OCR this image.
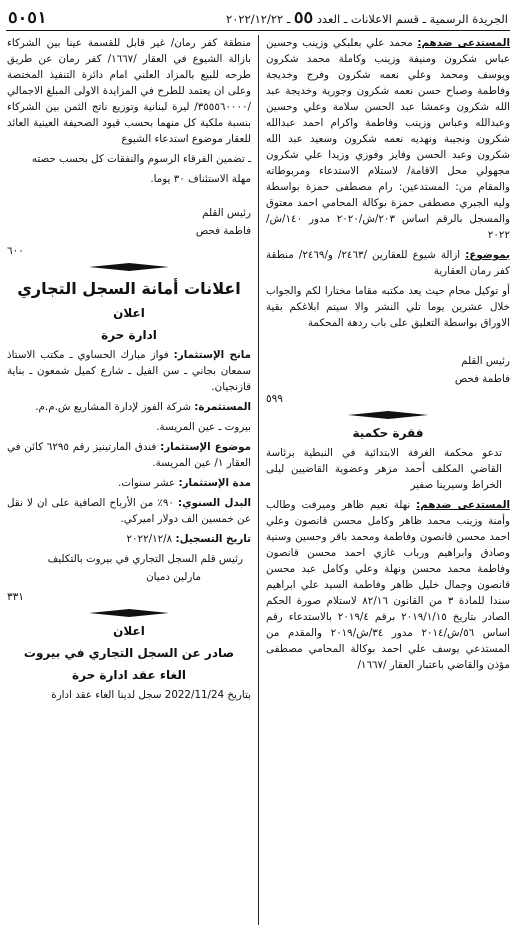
الجريدة الرسمية ـ قسم الاعلانات ـ العدد ٥٥ ـ ٢٠٢٢/١٢/٢٢
٥٠٥١

المستدعى ضدهم: محمد علي بعلبكي وزينب وحسين عباس شكرون ومنيفة وزينب وكاملة محمد شكرون ويوسف ومحمد وعلي نعمه شكرون وفرج وخديجة وفاطمة وصباح حسن نعمه شكرون وجورية وخديجة عبد الله شكرون وعمشا عبد الحسن سلامة وعلي وحسين وعبدالله وعباس وزينب وفاطمة واكرام احمد عبدالله شكرون ونجيبة ونهديه نعمه شكرون وسعيد عبد الله شكرون وعبد الحسن وفايز وفوزي وزيدا علي شكرون مجهولي محل الاقامة/ لاستلام الاستدعاء ومربوطاته والمقام من: المستدعين: رام مصطفى حمزة بواسطة وليه الجبري مصطفى حمزة بوكالة المحامي احمد معتوق والمسجل بالرقم اساس ٢٠٣/ش/٢٠٢٠ مدور ١٤٠/ش/٢٠٢٢

بموضوع: ازالة شيوع للعقارين /٢٤٦٣/ و/٢٤٦٩/ منطقة كفر رمان العقارية

أو توكيل محام حيث يعد مكتبه مقاما مختارا لكم والجواب خلال عشرين يوما تلي النشر والا سيتم ابلاغكم بقية الاوراق بواسطة التعليق على باب ردهة المحكمة

رئيس القلم

فاطمة فحص

٥٩٩
فقرة حكمية

تدعو محكمة الغرفة الابتدائية في النبطية برئاسة القاضي المكلف أحمد مزهر وعضوية القاضيين ليلى الخراط وسيرينا صفير

المستدعى ضدهم: نهلة نعيم ظاهر وميرفت وطالب وأمنة وزينب محمد ظاهر وكامل محسن قانصون وعلي احمد محسن قانصون وفاطمة ومحمد باقر وحسين وسنية وصادق وابراهيم ورباب غازي احمد محسن قانصون وفاطمة محمد محسن ونهلة وعلي وكامل عبد محسن قانصون وجمال خليل ظاهر وفاطمة السيد علي ابراهيم سندا للمادة ٣ من القانون ٨٢/١٦ لاستلام صورة الحكم الصادر بتاريخ ٢٠١٩/١/١٥ برقم ٢٠١٩/٤ بالاستدعاء رقم اساس ٥٦/ش/٢٠١٤ مدور ٣٤/ش/٢٠١٩ والمقدم من المستدعي يوسف علي احمد بوكالة المحامي مصطفى مؤذن والقاضي باعتبار العقار /١٦٦٧/

منطقة كفر رمان/ غير قابل للقسمة عينا بين الشركاء بازالة الشيوع في العقار /١٦٦٧/ كفر رمان عن طريق طرحه للبيع بالمزاد العلني امام دائرة التنفيذ المختصة وعلى ان يعتمد للطرح في المزايدة الاولى المبلغ الاجمالي /٣٥٥٥٦٠٠٠٠/ ليرة لبنانية وتوزيع ناتج الثمن بين الشركاء بنسبة ملكية كل منهما بحسب قيود الصحيفة العينية العائد للعقار موضوع استدعاء الشيوع

ـ تضمين الفرقاء الرسوم والنفقات كل بحسب حصته

مهلة الاستئناف ٣٠ يوما.

رئيس القلم

فاطمة فحص

٦٠٠
اعلانات أمانة السجل التجاري
اعلان
ادارة حرة

مانح الإستثمار: فواز مبارك الحساوي ـ مكتب الاستاذ سمعان بجاني ـ سن الفيل ـ شارع كميل شمعون ـ بناية قازنجيان.

المستثمرة: شركة الفوز لإدارة المشاريع ش.م.م.

بيروت ـ عين المريسة.

موضوع الإستثمار: فندق المارتينيز رقم ٦٢٩٥ كائن في العقار ١/ عين المريسة.

مدة الإستثمار: عشر سنوات.

البدل السنوي: ٩٠٪ من الأرباح الصافية على ان لا نقل عن خمسين الف دولار اميركي.

تاريخ التسجيل: ٢٠٢٢/١٢/٨

رئيس قلم السجل التجاري في بيروت بالتكليف

مارلين دميان

٣٣١
اعلان
صادر عن السجل التجاري في بيروت
الغاء عقد ادارة حرة

بتاريخ 2022/11/24 سجل لدينا الغاء عقد ادارة
